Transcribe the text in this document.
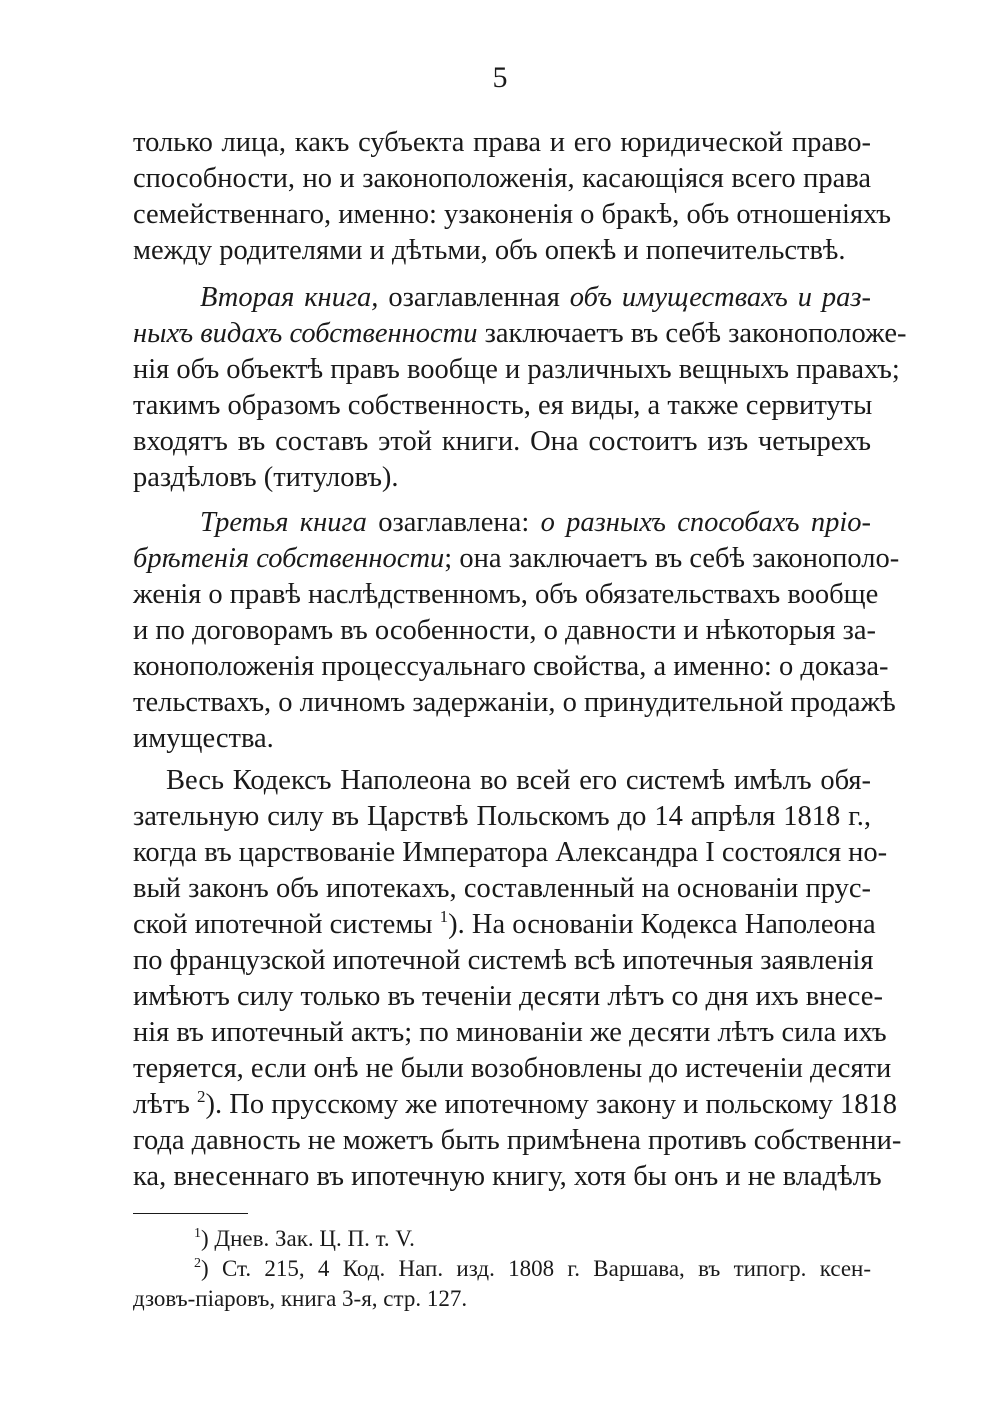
5
только лица, какъ субъекта права и его юридической право-
способности, но и законоположенія, касающіяся всего права
семейственнаго, именно: узаконенія о бракѣ, объ отношеніяхъ
между родителями и дѣтьми, объ опекѣ и попечительствѣ.
Вторая книга, озаглавленная объ имуществахъ и раз-
ныхъ видахъ собственности заключаетъ въ себѣ законоположе-
нія объ объектѣ правъ вообще и различныхъ вещныхъ правахъ;
такимъ образомъ собственность, ея виды, а также сервитуты
входятъ въ составъ этой книги. Она состоитъ изъ четырехъ
раздѣловъ (титуловъ).
Третья книга озаглавлена: о разныхъ способахъ пріо-
брѣтенія собственности; она заключаетъ въ себѣ законополо-
женія о правѣ наслѣдственномъ, объ обязательствахъ вообще
и по договорамъ въ особенности, о давности и нѣкоторыя за-
коноположенія процессуальнаго свойства, а именно: о доказа-
тельствахъ, о личномъ задержаніи, о принудительной продажѣ
имущества.
Весь Кодексъ Наполеона во всей его системѣ имѣлъ обя-
зательную силу въ Царствѣ Польскомъ до 14 апрѣля 1818 г.,
когда въ царствованіе Императора Александра I состоялся но-
вый законъ объ ипотекахъ, составленный на основаніи прус-
ской ипотечной системы $^1$). На основаніи Кодекса Наполеона
по французской ипотечной системѣ всѣ ипотечныя заявленія
имѣютъ силу только въ теченіи десяти лѣтъ со дня ихъ внесе-
нія въ ипотечный актъ; по минованіи же десяти лѣтъ сила ихъ
теряется, если онѣ не были возобновлены до истеченіи десяти
лѣтъ $^2$). По прусскому же ипотечному закону и польскому 1818
года давность не можетъ быть примѣнена противъ собственни-
ка, внесеннаго въ ипотечную книгу, хотя бы онъ и не владѣлъ
$^1$) Днев. Зак. Ц. П. т. V.
$^2$) Ст. 215, 4 Код. Нап. изд. 1808 г. Варшава, въ типогр. ксен-
дзовъ-піаровъ, книга 3-я, стр. 127.
